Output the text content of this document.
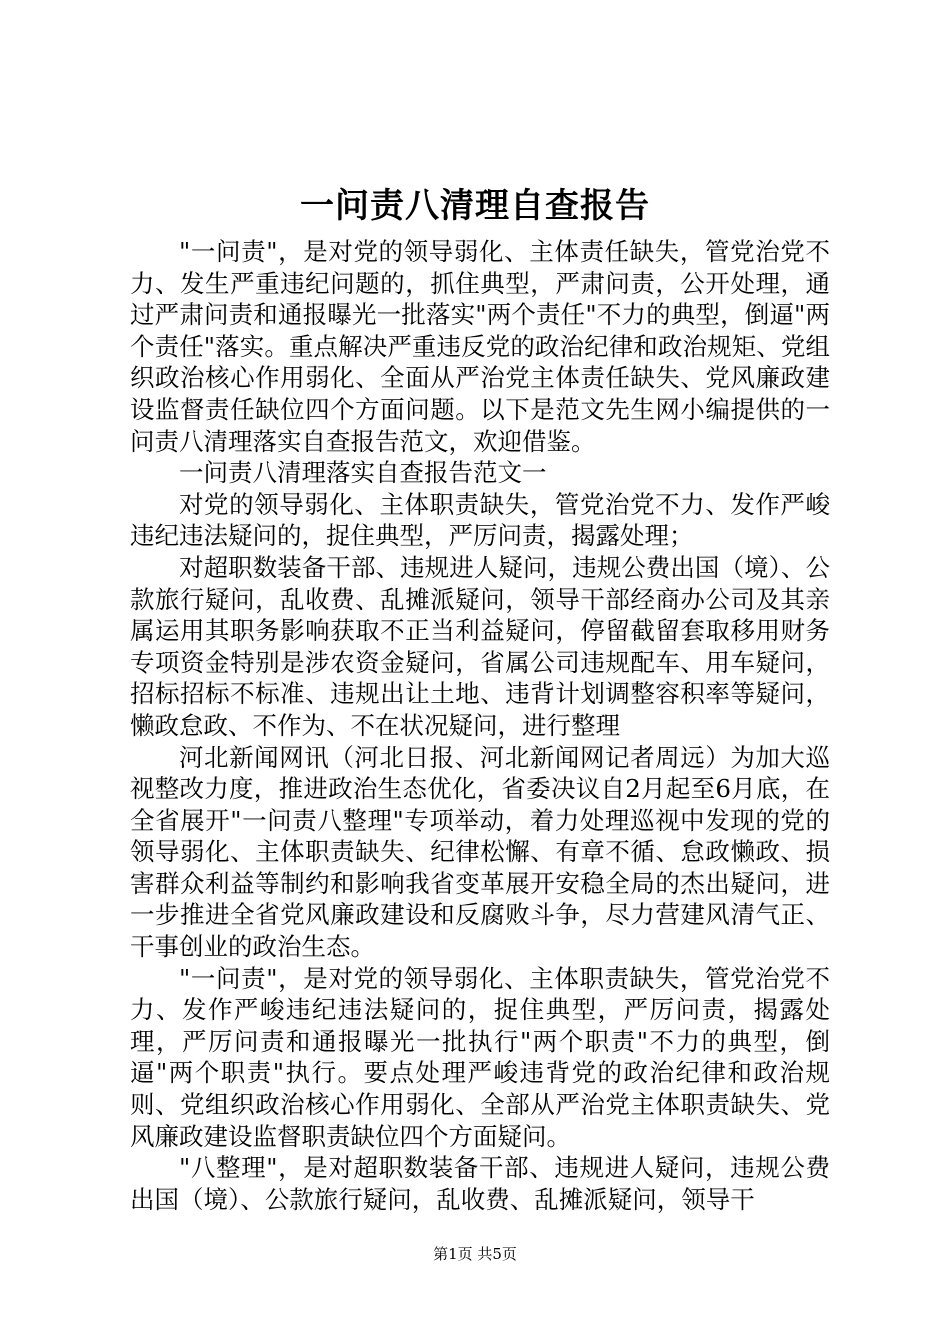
一问责八清理自查报告

"一问责"，是对党的领导弱化、主体责任缺失，管党治党不力、发生严重违纪问题的，抓住典型，严肃问责，公开处理，通过严肃问责和通报曝光一批落实"两个责任"不力的典型，倒逼"两个责任"落实。重点解决严重违反党的政治纪律和政治规矩、党组织政治核心作用弱化、全面从严治党主体责任缺失、党风廉政建设监督责任缺位四个方面问题。以下是范文先生网小编提供的一问责八清理落实自查报告范文，欢迎借鉴。

一问责八清理落实自查报告范文一

对党的领导弱化、主体职责缺失，管党治党不力、发作严峻违纪违法疑问的，捉住典型，严厉问责，揭露处理；

对超职数装备干部、违规进人疑问，违规公费出国（境）、公款旅行疑问，乱收费、乱摊派疑问，领导干部经商办公司及其亲属运用其职务影响获取不正当利益疑问，停留截留套取移用财务专项资金特别是涉农资金疑问，省属公司违规配车、用车疑问，招标招标不标准、违规出让土地、违背计划调整容积率等疑问，懒政怠政、不作为、不在状况疑问，进行整理

河北新闻网讯（河北日报、河北新闻网记者周远）为加大巡视整改力度，推进政治生态优化，省委决议自2月起至6月底，在全省展开"一问责八整理"专项举动，着力处理巡视中发现的党的领导弱化、主体职责缺失、纪律松懈、有章不循、怠政懒政、损害群众利益等制约和影响我省变革展开安稳全局的杰出疑问，进一步推进全省党风廉政建设和反腐败斗争，尽力营建风清气正、干事创业的政治生态。

"一问责"，是对党的领导弱化、主体职责缺失，管党治党不力、发作严峻违纪违法疑问的，捉住典型，严厉问责，揭露处理，严厉问责和通报曝光一批执行"两个职责"不力的典型，倒逼"两个职责"执行。要点处理严峻违背党的政治纪律和政治规则、党组织政治核心作用弱化、全部从严治党主体职责缺失、党风廉政建设监督职责缺位四个方面疑问。

"八整理"，是对超职数装备干部、违规进人疑问，违规公费出国（境）、公款旅行疑问，乱收费、乱摊派疑问，领导干

第1页 共5页
